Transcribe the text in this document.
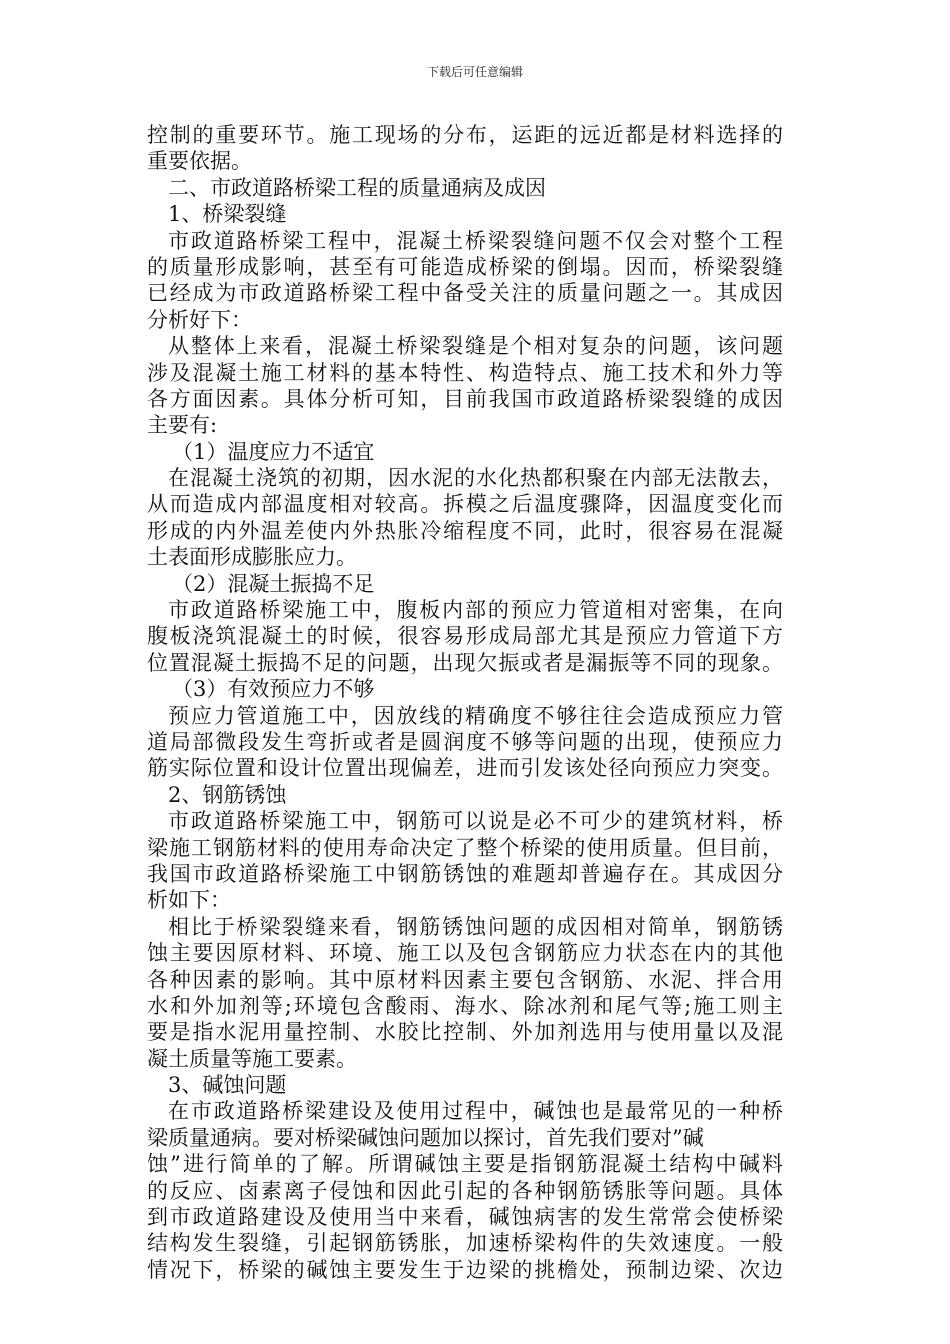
下载后可任意编辑
控制的重要环节。施工现场的分布，运距的远近都是材料选择的
重要依据。
二、市政道路桥梁工程的质量通病及成因
1、桥梁裂缝
市政道路桥梁工程中，混凝土桥梁裂缝问题不仅会对整个工程
的质量形成影响，甚至有可能造成桥梁的倒塌。因而，桥梁裂缝
已经成为市政道路桥梁工程中备受关注的质量问题之一。其成因
分析好下：
从整体上来看，混凝土桥梁裂缝是个相对复杂的问题，该问题
涉及混凝土施工材料的基本特性、构造特点、施工技术和外力等
各方面因素。具体分析可知，目前我国市政道路桥梁裂缝的成因
主要有:
（1）温度应力不适宜
在混凝土浇筑的初期，因水泥的水化热都积聚在内部无法散去，
从而造成内部温度相对较高。拆模之后温度骤降，因温度变化而
形成的内外温差使内外热胀冷缩程度不同，此时，很容易在混凝
土表面形成膨胀应力。
（2）混凝土振捣不足
市政道路桥梁施工中，腹板内部的预应力管道相对密集，在向
腹板浇筑混凝土的时候，很容易形成局部尤其是预应力管道下方
位置混凝土振捣不足的问题，出现欠振或者是漏振等不同的现象。
（3）有效预应力不够
预应力管道施工中，因放线的精确度不够往往会造成预应力管
道局部微段发生弯折或者是圆润度不够等问题的出现，使预应力
筋实际位置和设计位置出现偏差，进而引发该处径向预应力突变。
2、钢筋锈蚀
市政道路桥梁施工中，钢筋可以说是必不可少的建筑材料，桥
梁施工钢筋材料的使用寿命决定了整个桥梁的使用质量。但目前，
我国市政道路桥梁施工中钢筋锈蚀的难题却普遍存在。其成因分
析如下：
相比于桥梁裂缝来看，钢筋锈蚀问题的成因相对简单，钢筋锈
蚀主要因原材料、环境、施工以及包含钢筋应力状态在内的其他
各种因素的影响。其中原材料因素主要包含钢筋、水泥、拌合用
水和外加剂等;环境包含酸雨、海水、除冰剂和尾气等;施工则主
要是指水泥用量控制、水胶比控制、外加剂选用与使用量以及混
凝土质量等施工要素。
3、碱蚀问题
在市政道路桥梁建设及使用过程中，碱蚀也是最常见的一种桥
梁质量通病。要对桥梁碱蚀问题加以探讨，首先我们要对”碱
蚀”进行简单的了解。所谓碱蚀主要是指钢筋混凝土结构中碱料
的反应、卤素离子侵蚀和因此引起的各种钢筋锈胀等问题。具体
到市政道路建设及使用当中来看，碱蚀病害的发生常常会使桥梁
结构发生裂缝，引起钢筋锈胀，加速桥梁构件的失效速度。一般
情况下，桥梁的碱蚀主要发生于边梁的挑檐处，预制边梁、次边
